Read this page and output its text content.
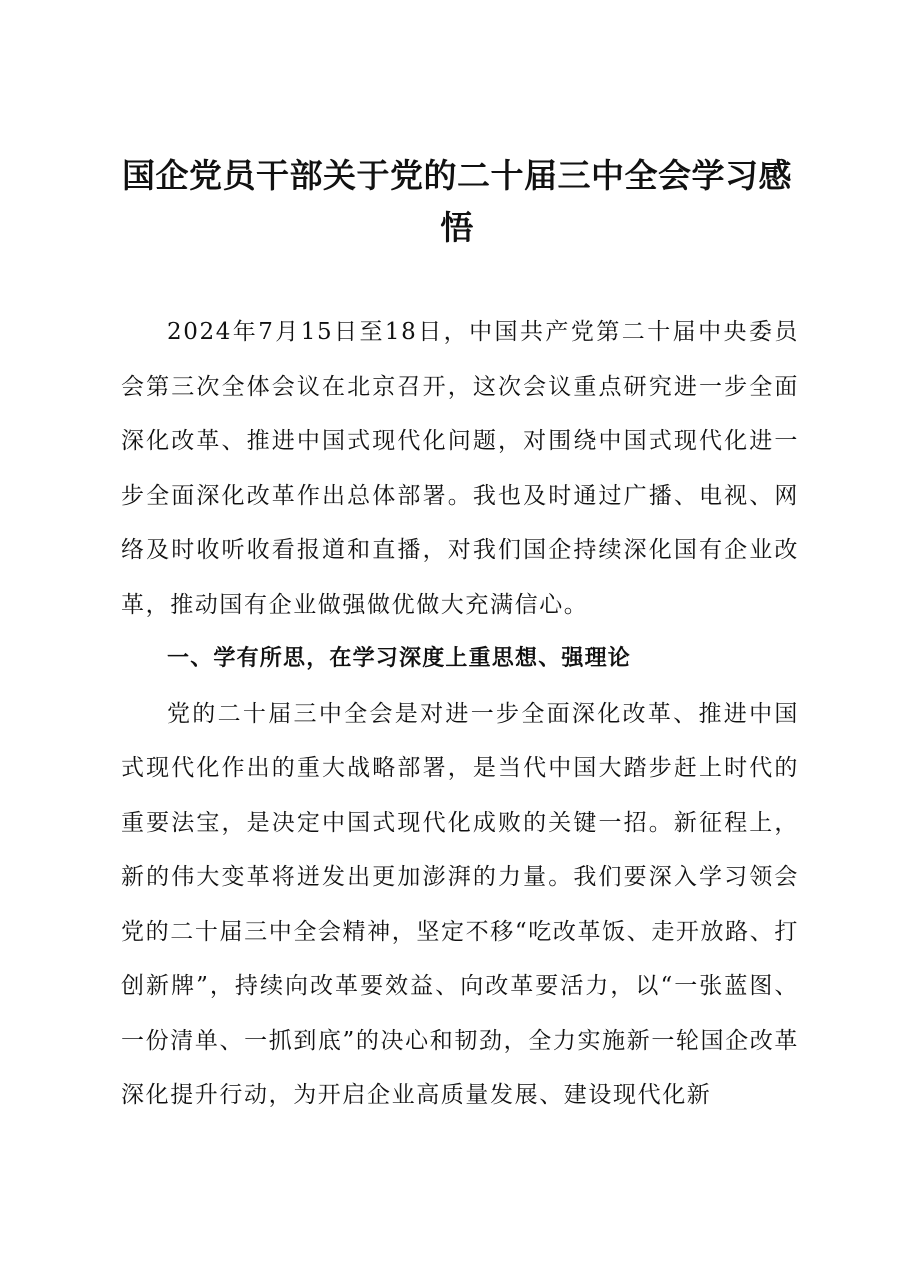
国企党员干部关于党的二十届三中全会学习感悟

2024年7月15日至18日，中国共产党第二十届中央委员会第三次全体会议在北京召开，这次会议重点研究进一步全面深化改革、推进中国式现代化问题，对围绕中国式现代化进一步全面深化改革作出总体部署。我也及时通过广播、电视、网络及时收听收看报道和直播，对我们国企持续深化国有企业改革，推动国有企业做强做优做大充满信心。

一、学有所思，在学习深度上重思想、强理论

党的二十届三中全会是对进一步全面深化改革、推进中国式现代化作出的重大战略部署，是当代中国大踏步赶上时代的重要法宝，是决定中国式现代化成败的关键一招。新征程上，新的伟大变革将迸发出更加澎湃的力量。我们要深入学习领会党的二十届三中全会精神，坚定不移“吃改革饭、走开放路、打创新牌”，持续向改革要效益、向改革要活力，以“一张蓝图、一份清单、一抓到底”的决心和韧劲，全力实施新一轮国企改革深化提升行动，为开启企业高质量发展、建设现代化新
